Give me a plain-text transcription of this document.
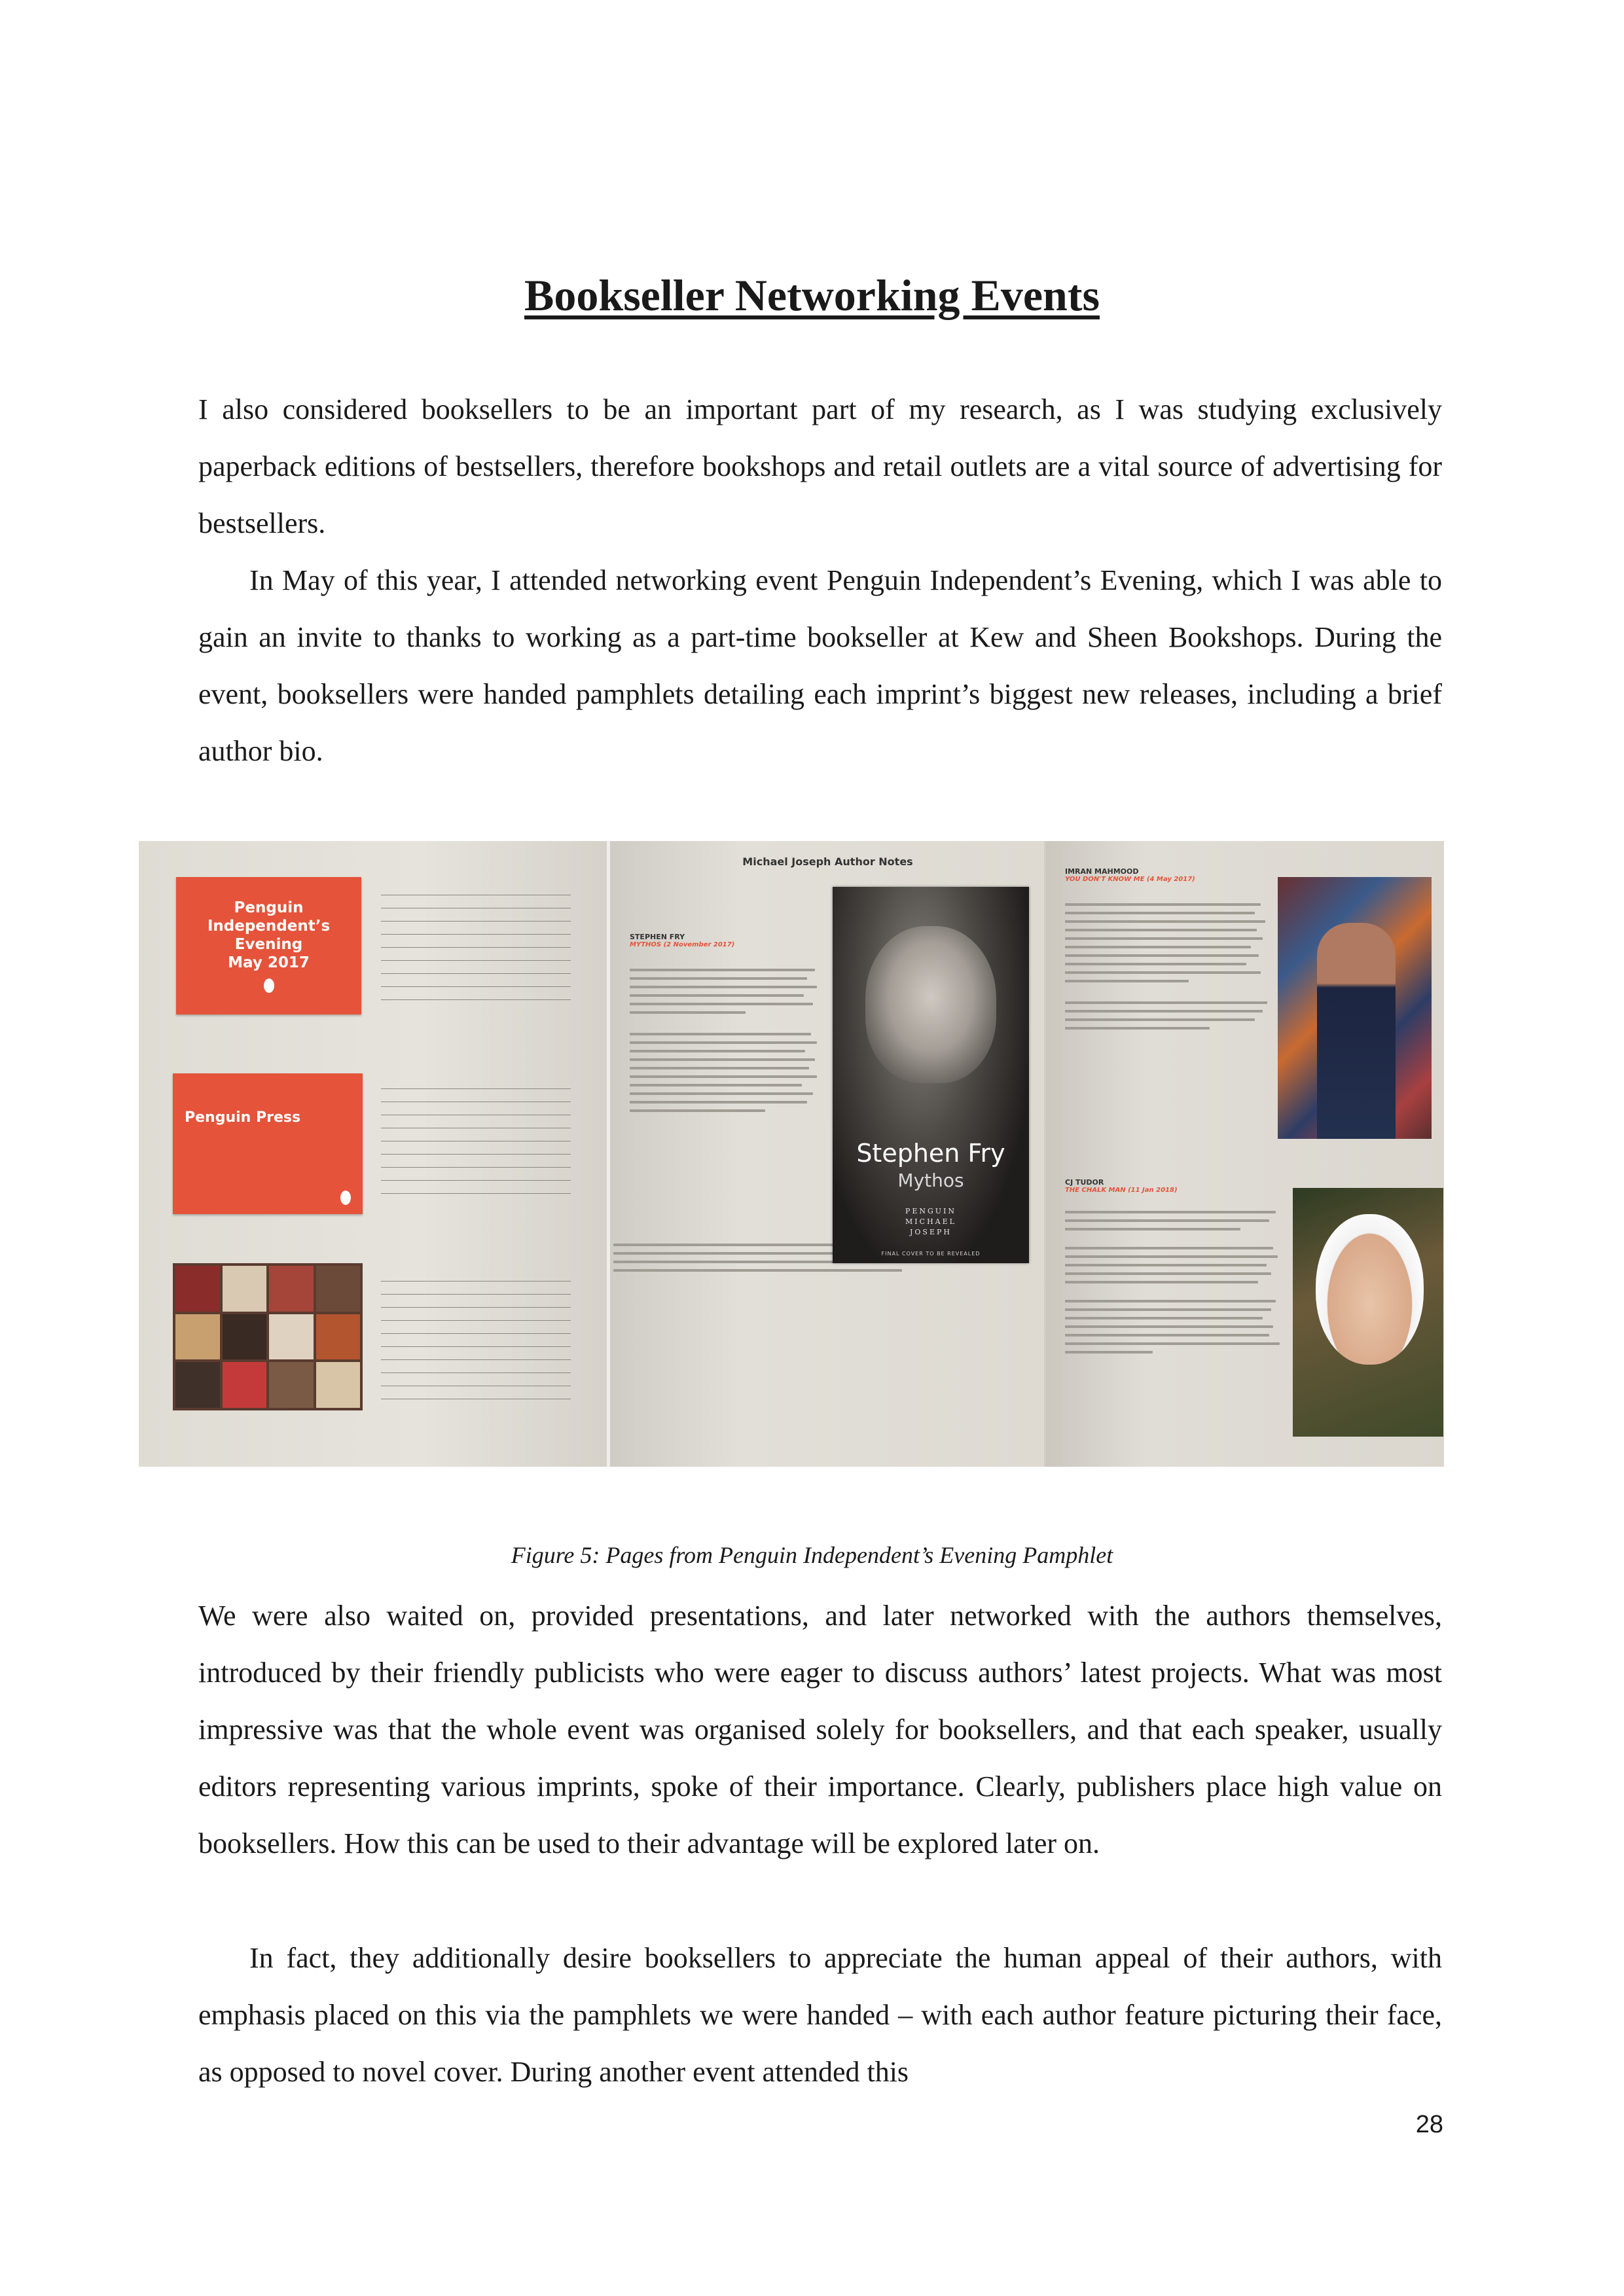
Bookseller Networking Events

I also considered booksellers to be an important part of my research, as I was studying exclusively paperback editions of bestsellers, therefore bookshops and retail outlets are a vital source of advertising for bestsellers.

In May of this year, I attended networking event Penguin Independent’s Evening, which I was able to gain an invite to thanks to working as a part-time bookseller at Kew and Sheen Bookshops. During the event, booksellers were handed pamphlets detailing each imprint’s biggest new releases, including a brief author bio.

Penguin
Independent’s Evening
May 2017
Penguin Press
Michael Joseph Author Notes
STEPHEN FRY
MYTHOS (2 November 2017)
Stephen Fry
Mythos
PENGUIN
MICHAEL
JOSEPH
FINAL COVER TO BE REVEALED
IMRAN MAHMOOD
YOU DON'T KNOW ME (4 May 2017)
CJ TUDOR
THE CHALK MAN (11 Jan 2018)
Figure 5: Pages from Penguin Independent’s Evening Pamphlet

We were also waited on, provided presentations, and later networked with the authors themselves, introduced by their friendly publicists who were eager to discuss authors’ latest projects. What was most impressive was that the whole event was organised solely for booksellers, and that each speaker, usually editors representing various imprints, spoke of their importance. Clearly, publishers place high value on booksellers. How this can be used to their advantage will be explored later on.

In fact, they additionally desire booksellers to appreciate the human appeal of their authors, with emphasis placed on this via the pamphlets we were handed – with each author feature picturing their face, as opposed to novel cover. During another event attended this

28
